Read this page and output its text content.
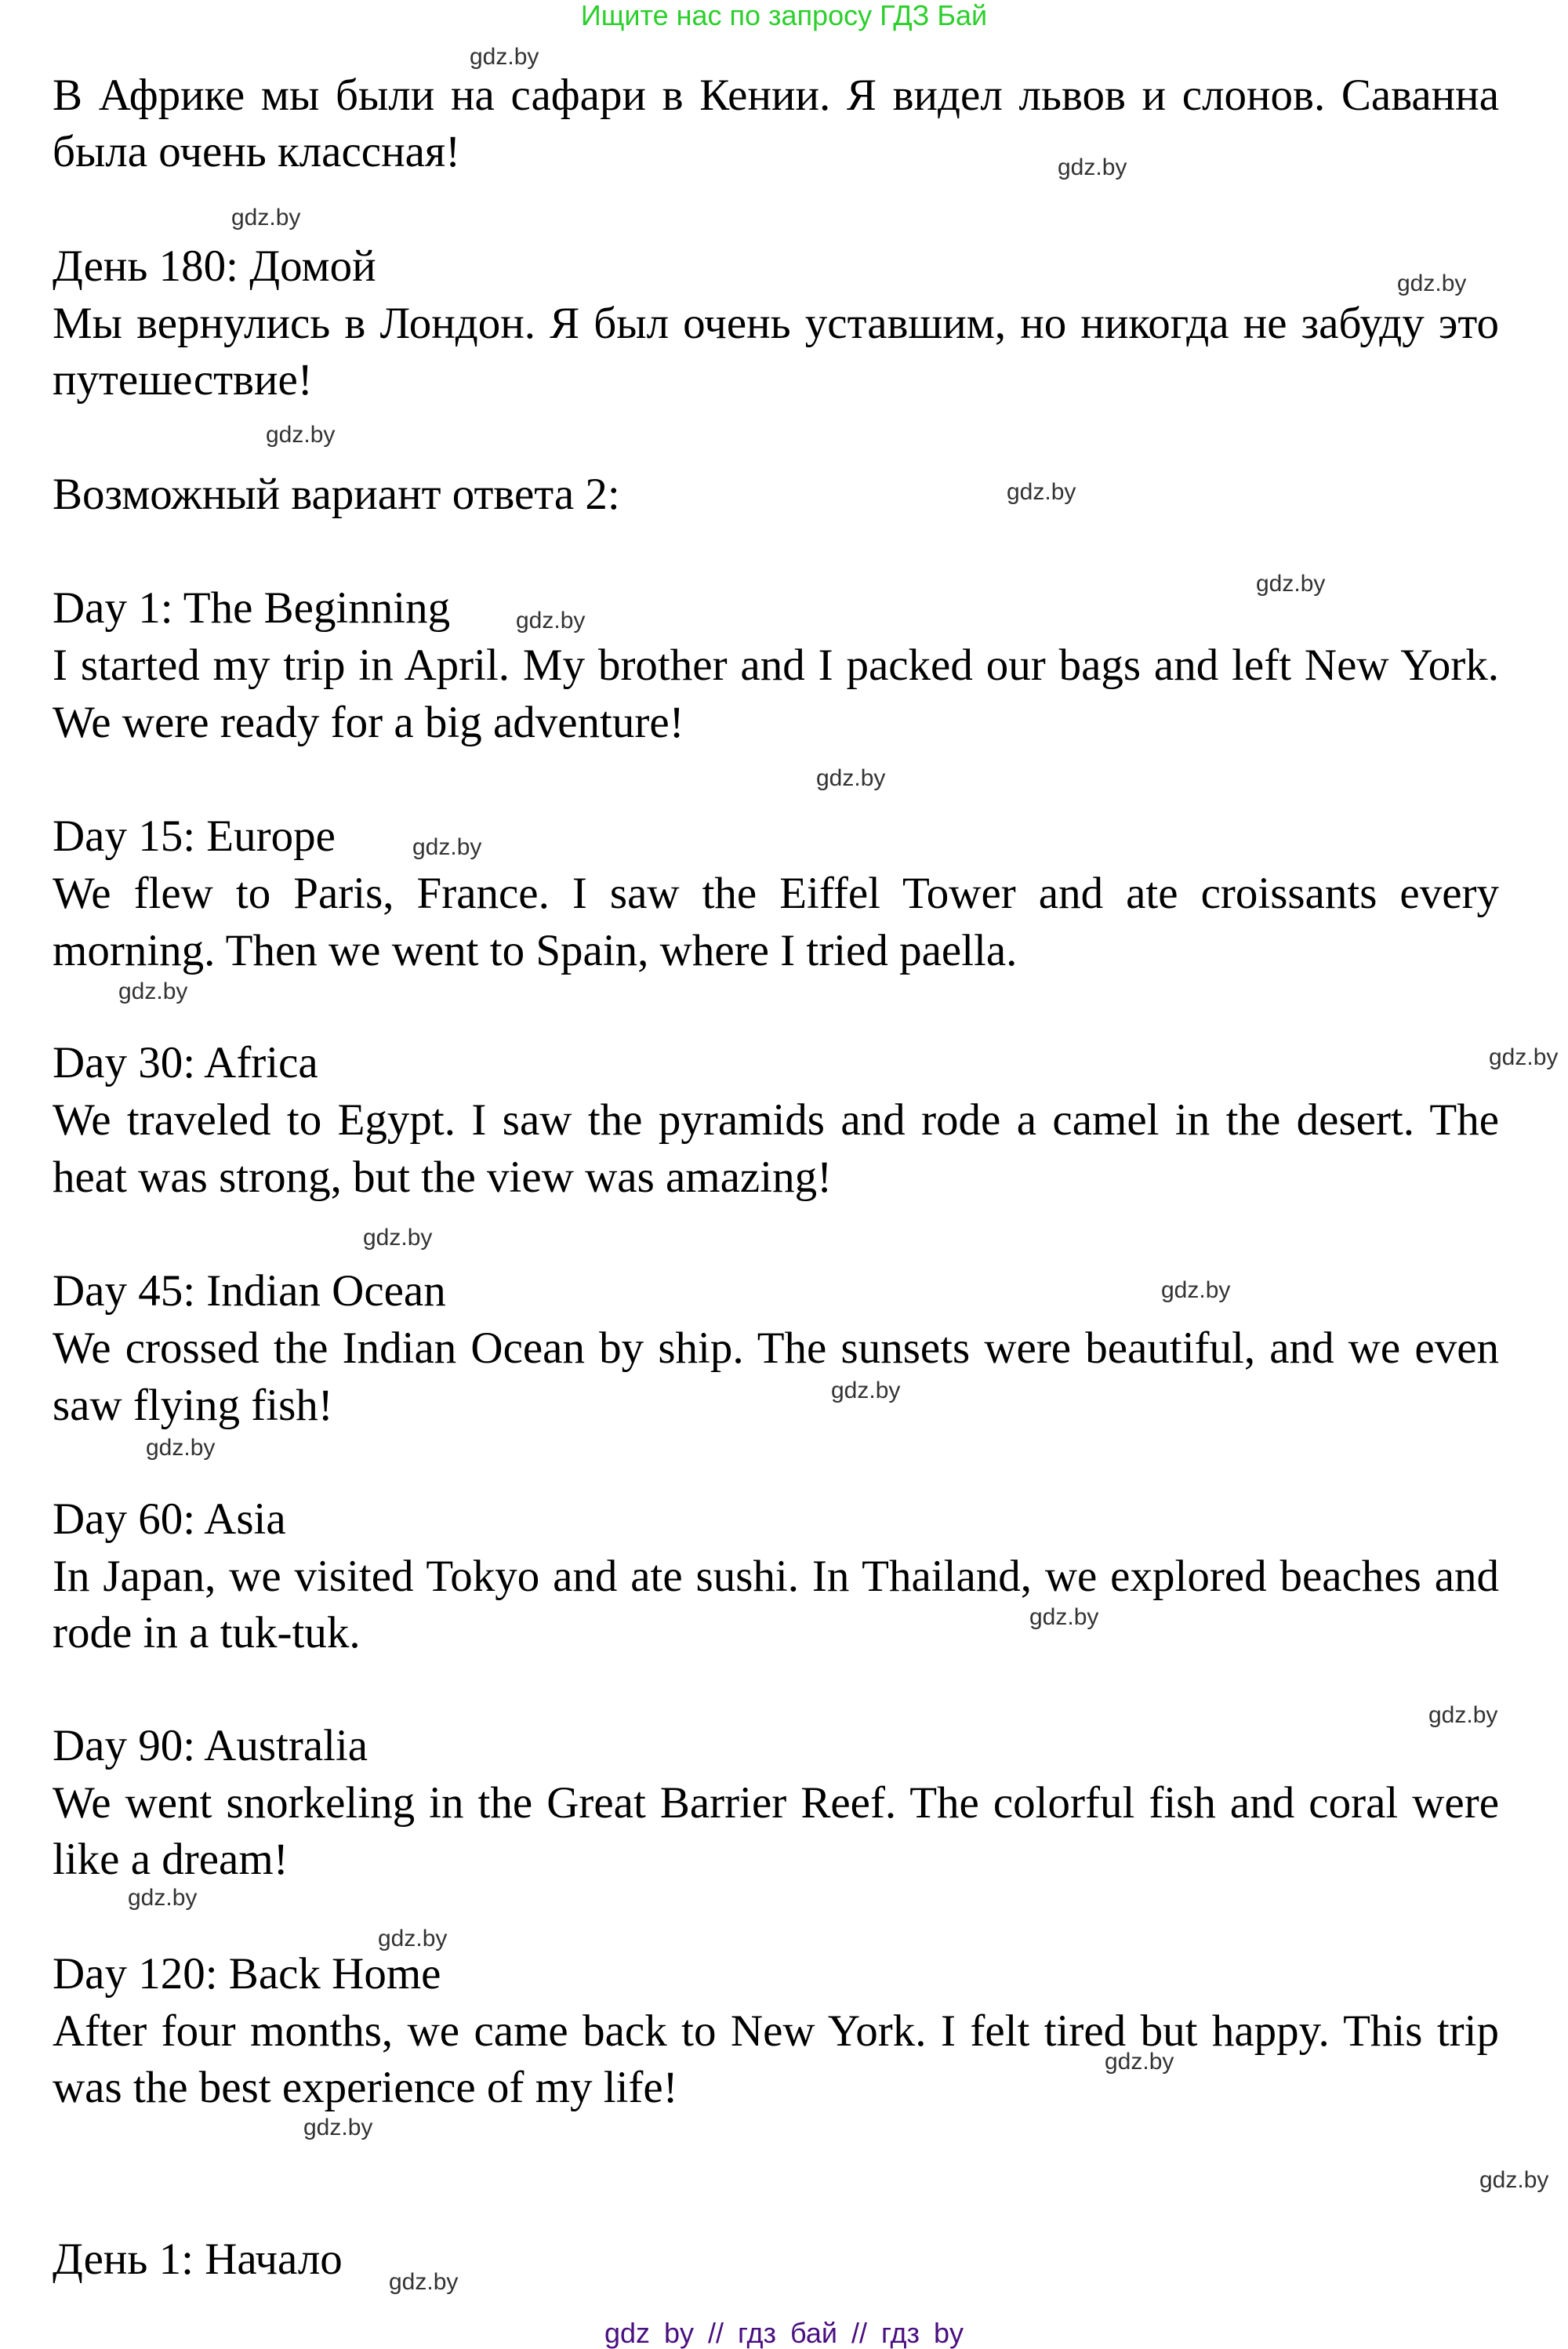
Ищите нас по запросу ГДЗ Бай
В Африке мы были на сафари в Кении. Я видел львов и слонов. Саванна
была очень классная!
День 180: Домой
Мы вернулись в Лондон. Я был очень уставшим, но никогда не забуду это
путешествие!
Возможный вариант ответа 2:
Day 1: The Beginning
I started my trip in April. My brother and I packed our bags and left New York.
We were ready for a big adventure!
Day 15: Europe
We flew to Paris, France. I saw the Eiffel Tower and ate croissants every
morning. Then we went to Spain, where I tried paella.
Day 30: Africa
We traveled to Egypt. I saw the pyramids and rode a camel in the desert. The
heat was strong, but the view was amazing!
Day 45: Indian Ocean
We crossed the Indian Ocean by ship. The sunsets were beautiful, and we even
saw flying fish!
Day 60: Asia
In Japan, we visited Tokyo and ate sushi. In Thailand, we explored beaches and
rode in a tuk-tuk.
Day 90: Australia
We went snorkeling in the Great Barrier Reef. The colorful fish and coral were
like a dream!
Day 120: Back Home
After four months, we came back to New York. I felt tired but happy. This trip
was the best experience of my life!
День 1: Начало
gdz.by
gdz.by
gdz.by
gdz.by
gdz.by
gdz.by
gdz.by
gdz.by
gdz.by
gdz.by
gdz.by
gdz.by
gdz.by
gdz.by
gdz.by
gdz.by
gdz.by
gdz.by
gdz.by
gdz.by
gdz.by
gdz.by
gdz.by
gdz.by
gdz by // гдз бай // гдз by
